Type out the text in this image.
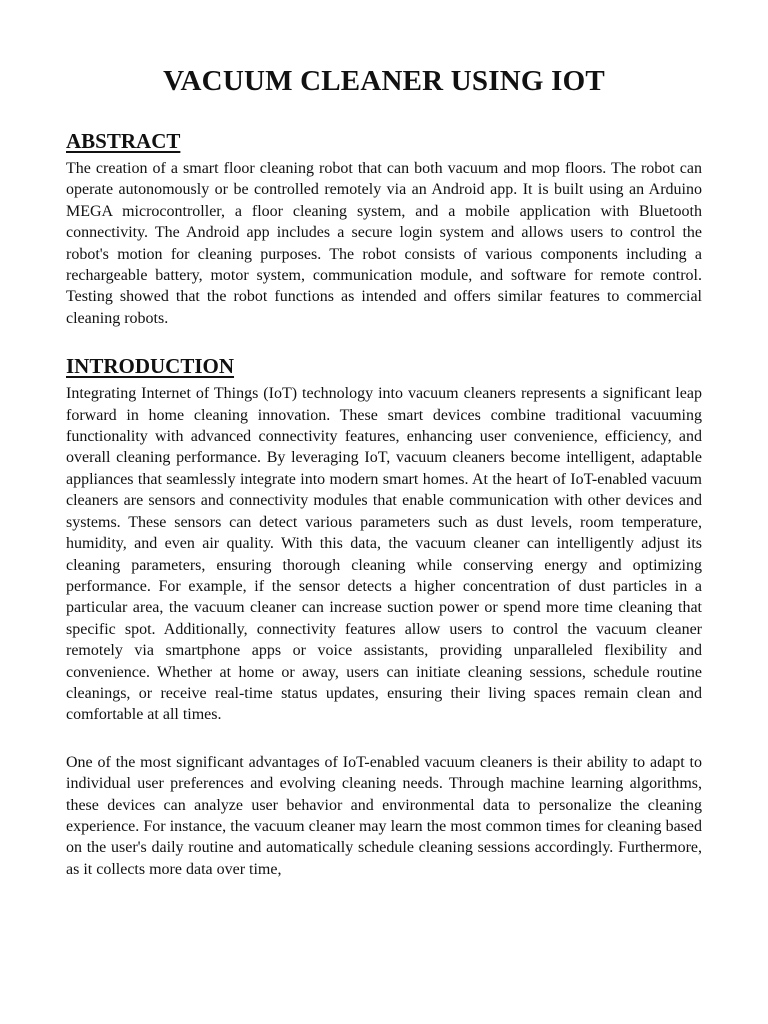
VACUUM CLEANER USING IOT
ABSTRACT

The creation of a smart floor cleaning robot that can both vacuum and mop floors. The robot can operate autonomously or be controlled remotely via an Android app. It is built using an Arduino MEGA microcontroller, a floor cleaning system, and a mobile application with Bluetooth connectivity. The Android app includes a secure login system and allows users to control the robot's motion for cleaning purposes. The robot consists of various components including a rechargeable battery, motor system, communication module, and software for remote control. Testing showed that the robot functions as intended and offers similar features to commercial cleaning robots.

INTRODUCTION

Integrating Internet of Things (IoT) technology into vacuum cleaners represents a significant leap forward in home cleaning innovation. These smart devices combine traditional vacuuming functionality with advanced connectivity features, enhancing user convenience, efficiency, and overall cleaning performance. By leveraging IoT, vacuum cleaners become intelligent, adaptable appliances that seamlessly integrate into modern smart homes. At the heart of IoT-enabled vacuum cleaners are sensors and connectivity modules that enable communication with other devices and systems. These sensors can detect various parameters such as dust levels, room temperature, humidity, and even air quality. With this data, the vacuum cleaner can intelligently adjust its cleaning parameters, ensuring thorough cleaning while conserving energy and optimizing performance. For example, if the sensor detects a higher concentration of dust particles in a particular area, the vacuum cleaner can increase suction power or spend more time cleaning that specific spot. Additionally, connectivity features allow users to control the vacuum cleaner remotely via smartphone apps or voice assistants, providing unparalleled flexibility and convenience. Whether at home or away, users can initiate cleaning sessions, schedule routine cleanings, or receive real-time status updates, ensuring their living spaces remain clean and comfortable at all times.

One of the most significant advantages of IoT-enabled vacuum cleaners is their ability to adapt to individual user preferences and evolving cleaning needs. Through machine learning algorithms, these devices can analyze user behavior and environmental data to personalize the cleaning experience. For instance, the vacuum cleaner may learn the most common times for cleaning based on the user's daily routine and automatically schedule cleaning sessions accordingly. Furthermore, as it collects more data over time,
